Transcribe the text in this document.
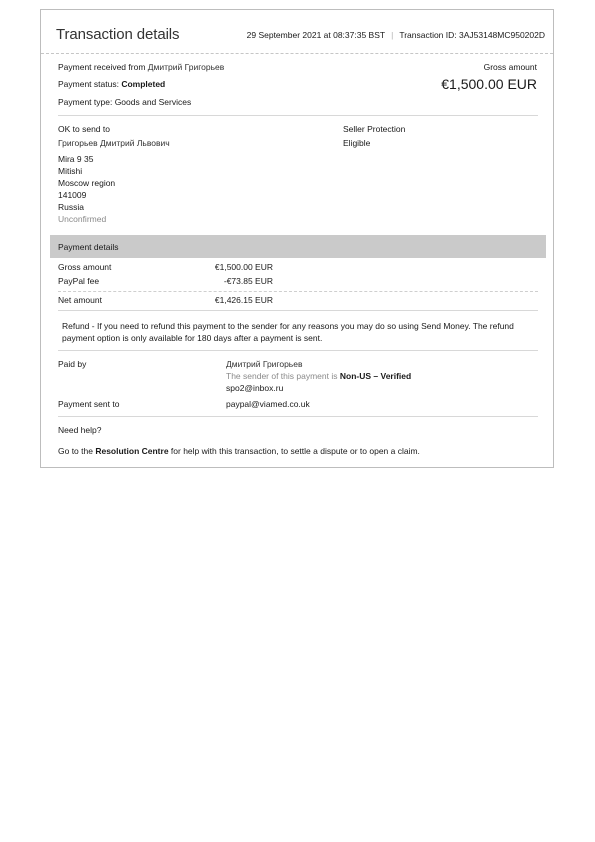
Transaction details	29 September 2021 at 08:37:35 BST | Transaction ID: 3AJ53148MC950202D
Payment received from Дмитрий Григорьев
Payment status: Completed
Payment type: Goods and Services
Gross amount
€1,500.00 EUR
OK to send to
Григорьев Дмитрий Львович
Mira 9 35
Mitishi
Moscow region
141009
Russia
Unconfirmed
Seller Protection
Eligible
Payment details
Gross amount	€1,500.00 EUR
PayPal fee	-€73.85 EUR
Net amount	€1,426.15 EUR
Refund - If you need to refund this payment to the sender for any reasons you may do so using Send Money. The refund payment option is only available for 180 days after a payment is sent.
Paid by	Дмитрий Григорьев
The sender of this payment is Non-US – Verified
spo2@inbox.ru
Payment sent to	paypal@viamed.co.uk
Need help?
Go to the Resolution Centre for help with this transaction, to settle a dispute or to open a claim.
